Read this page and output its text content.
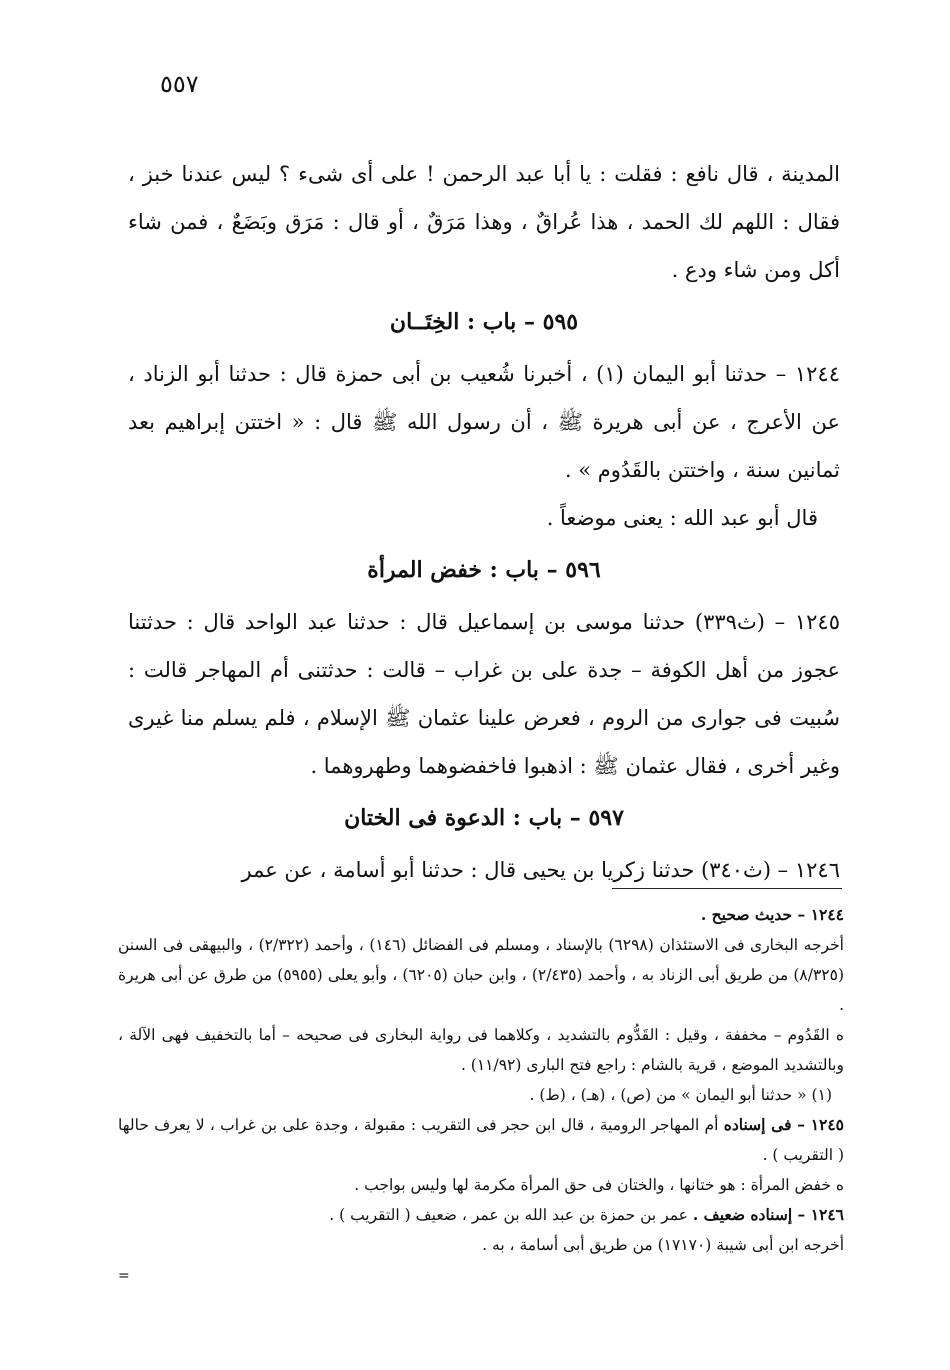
٥٥٧

المدينة ، قال نافع : فقلت : يا أبا عبد الرحمن ! على أى شىء ؟ ليس عندنا خبز ، فقال : اللهم لك الحمد ، هذا عُراقٌ ، وهذا مَرَقٌ ، أو قال : مَرَق وبَضَعٌ ، فمن شاء أكل ومن شاء ودع .

٥٩٥ – باب : الخِتَــان

١٢٤٤ – حدثنا أبو اليمان (١) ، أخبرنا شُعيب بن أبى حمزة قال : حدثنا أبو الزناد ، عن الأعرج ، عن أبى هريرة ﷺ ، أن رسول الله ﷺ قال : « اختتن إبراهيم بعد ثمانين سنة ، واختتن بالقَدُوم » .

قال أبو عبد الله : يعنى موضعاً .

٥٩٦ – باب : خفض المرأة

١٢٤٥ – (ث٣٣٩) حدثنا موسى بن إسماعيل قال : حدثنا عبد الواحد قال : حدثتنا عجوز من أهل الكوفة – جدة على بن غراب – قالت : حدثتنى أم المهاجر قالت : سُبيت فى جوارى من الروم ، فعرض علينا عثمان ﷺ الإسلام ، فلم يسلم منا غيرى وغير أخرى ، فقال عثمان ﷺ : اذهبوا فاخفضوهما وطهروهما .

٥٩٧ – باب : الدعوة فى الختان

١٢٤٦ – (ث٣٤٠) حدثنا زكريا بن يحيى قال : حدثنا أبو أسامة ، عن عمر

١٢٤٤ – حديث صحيح .

أخرجه البخارى فى الاستئذان (٦٢٩٨) بالإسناد ، ومسلم فى الفضائل (١٤٦) ، وأحمد (٢/٣٢٢) ، والبيهقى فى السنن (٨/٣٢٥) من طريق أبى الزناد به ، وأحمد (٢/٤٣٥) ، وابن حبان (٦٢٠٥) ، وأبو يعلى (٥٩٥٥) من طرق عن أبى هريرة .

ه القَدُوم – مخففة ، وقيل : القَدُّوم بالتشديد ، وكلاهما فى رواية البخارى فى صحيحه – أما بالتخفيف فهى الآلة ، وبالتشديد الموضع ، قرية بالشام : راجع فتح البارى (١١/٩٢) .

(١) « حدثنا أبو اليمان » من (ص) ، (هـ) ، (ط) .

١٢٤٥ – فى إسناده أم المهاجر الرومية ، قال ابن حجر فى التقريب : مقبولة ، وجدة على بن غراب ، لا يعرف حالها ( التقريب ) .

ه خفض المرأة : هو ختانها ، والختان فى حق المرأة مكرمة لها وليس بواجب .

١٢٤٦ – إسناده ضعيف . عمر بن حمزة بن عبد الله بن عمر ، ضعيف ( التقريب ) .

أخرجه ابن أبى شيبة (١٧١٧٠) من طريق أبى أسامة ، به .

=
